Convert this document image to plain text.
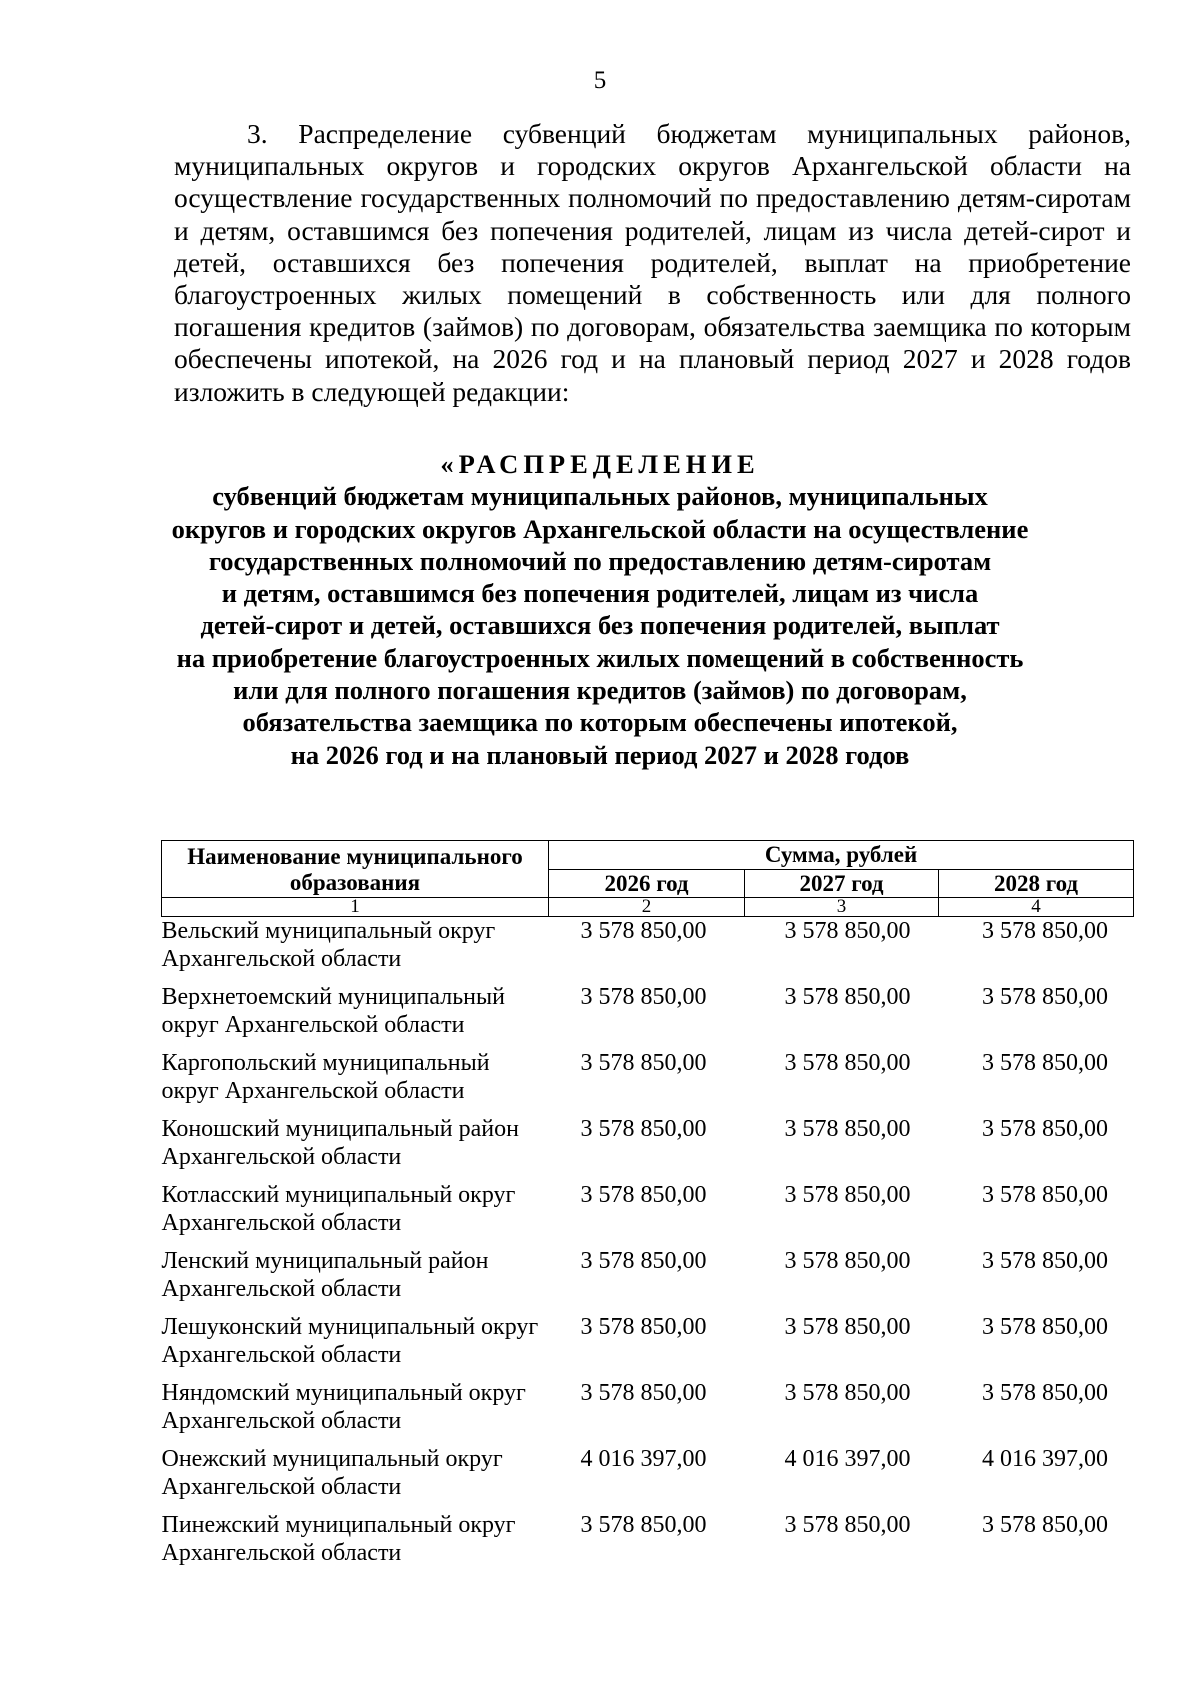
5

3. Распределение субвенций бюджетам муниципальных районов, муниципальных округов и городских округов Архангельской области на осуществление государственных полномочий по предоставлению детям-сиротам и детям, оставшимся без попечения родителей, лицам из числа детей-сирот и детей, оставшихся без попечения родителей, выплат на приобретение благоустроенных жилых помещений в собственность или для полного погашения кредитов (займов) по договорам, обязательства заемщика по которым обеспечены ипотекой, на 2026 год и на плановый период 2027 и 2028 годов изложить в следующей редакции:

«РАСПРЕДЕЛЕНИЕ
субвенций бюджетам муниципальных районов, муниципальных
округов и городских округов Архангельской области на осуществление
государственных полномочий по предоставлению детям-сиротам
и детям, оставшимся без попечения родителей, лицам из числа
детей-сирот и детей, оставшихся без попечения родителей, выплат
на приобретение благоустроенных жилых помещений в собственность
или для полного погашения кредитов (займов) по договорам,
обязательства заемщика по которым обеспечены ипотекой,
на 2026 год и на плановый период 2027 и 2028 годов
Наименование муниципального образования	Сумма, рублей		
	2026 год	2027 год	2028 год
1	2	3	4
Вельский муниципальный округ Архангельской области	3 578 850,00	3 578 850,00	3 578 850,00
Верхнетоемский муниципальный округ Архангельской области	3 578 850,00	3 578 850,00	3 578 850,00
Каргопольский муниципальный округ Архангельской области	3 578 850,00	3 578 850,00	3 578 850,00
Коношский муниципальный район Архангельской области	3 578 850,00	3 578 850,00	3 578 850,00
Котласский муниципальный округ Архангельской области	3 578 850,00	3 578 850,00	3 578 850,00
Ленский муниципальный район Архангельской области	3 578 850,00	3 578 850,00	3 578 850,00
Лешуконский муниципальный округ Архангельской области	3 578 850,00	3 578 850,00	3 578 850,00
Няндомский муниципальный округ Архангельской области	3 578 850,00	3 578 850,00	3 578 850,00
Онежский муниципальный округ Архангельской области	4 016 397,00	4 016 397,00	4 016 397,00
Пинежский муниципальный округ Архангельской области	3 578 850,00	3 578 850,00	3 578 850,00
